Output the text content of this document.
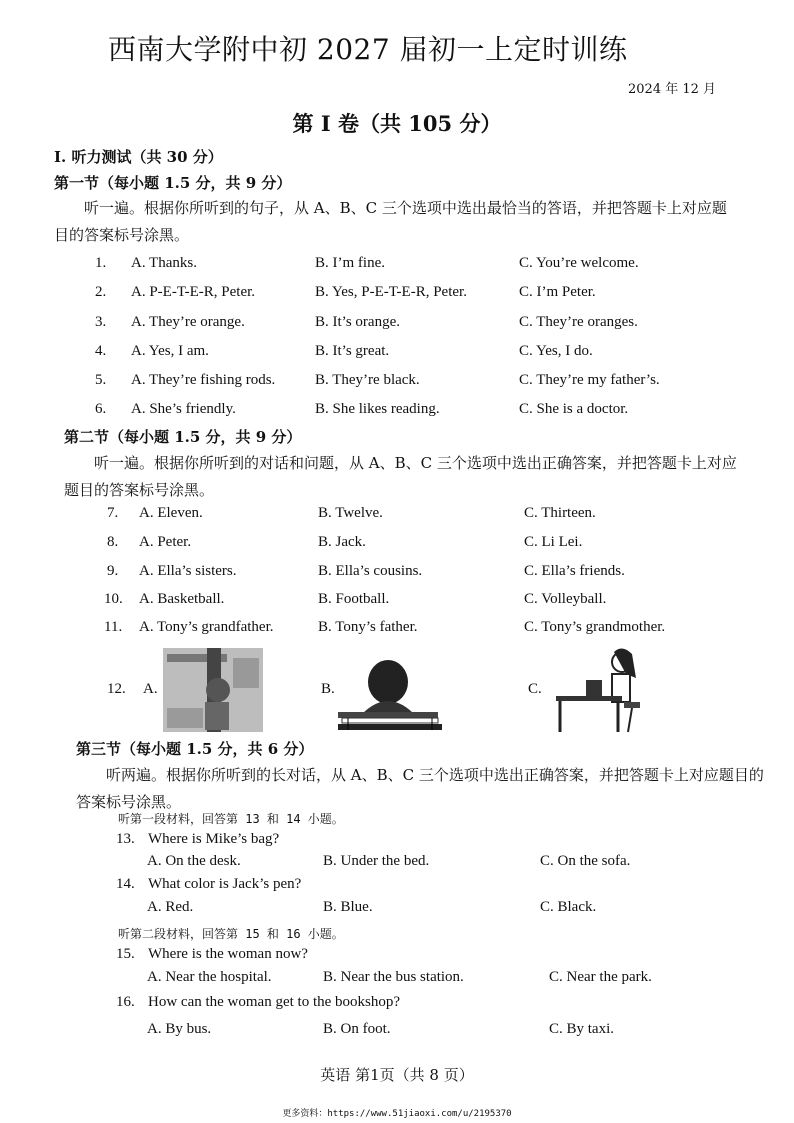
西南大学附中初 2027 届初一上定时训练
2024 年 12 月
第 I 卷（共 105 分）
I. 听力测试（共 30 分）
第一节（每小题 1.5 分，共 9 分）
听一遍。根据你所听到的句子，从 A、B、C 三个选项中选出最恰当的答语，并把答题卡上对应题目的答案标号涂黑。
1. A. Thanks.	B. I’m fine.	C. You’re welcome.
2. A. P-E-T-E-R, Peter.	B. Yes, P-E-T-E-R, Peter.	C. I’m Peter.
3. A. They’re orange.	B. It’s orange.	C. They’re oranges.
4. A. Yes, I am.	B. It’s great.	C. Yes, I do.
5. A. They’re fishing rods.	B. They’re black.	C. They’re my father’s.
6. A. She’s friendly.	B. She likes reading.	C. She is a doctor.
第二节（每小题 1.5 分，共 9 分）
听一遍。根据你所听到的对话和问题，从 A、B、C 三个选项中选出正确答案，并把答题卡上对应题目的答案标号涂黑。
7. A. Eleven.	B. Twelve.	C. Thirteen.
8. A. Peter.	B. Jack.	C. Li Lei.
9. A. Ella’s sisters.	B. Ella’s cousins.	C. Ella’s friends.
10. A. Basketball.	B. Football.	C. Volleyball.
11. A. Tony’s grandfather.	B. Tony’s father.	C. Tony’s grandmother.
12. A.	B.	C.
第三节（每小题 1.5 分，共 6 分）
听两遍。根据你所听到的长对话，从 A、B、C 三个选项中选出正确答案，并把答题卡上对应题目的答案标号涂黑。
听第一段材料，回答第 13 和 14 小题。
听第二段材料，回答第 15 和 16 小题。
13. Where is Mike’s bag?
A. On the desk.	B. Under the bed.	C. On the sofa.
14. What color is Jack’s pen?
A. Red.	B. Blue.	C. Black.
15. Where is the woman now?
A. Near the hospital.	B. Near the bus station.	C. Near the park.
16. How can the woman get to the bookshop?
A. By bus.	B. On foot.	C. By taxi.
英语 第1页（共 8 页）
更多资料：https://www.51jiaoxi.com/u/2195370
